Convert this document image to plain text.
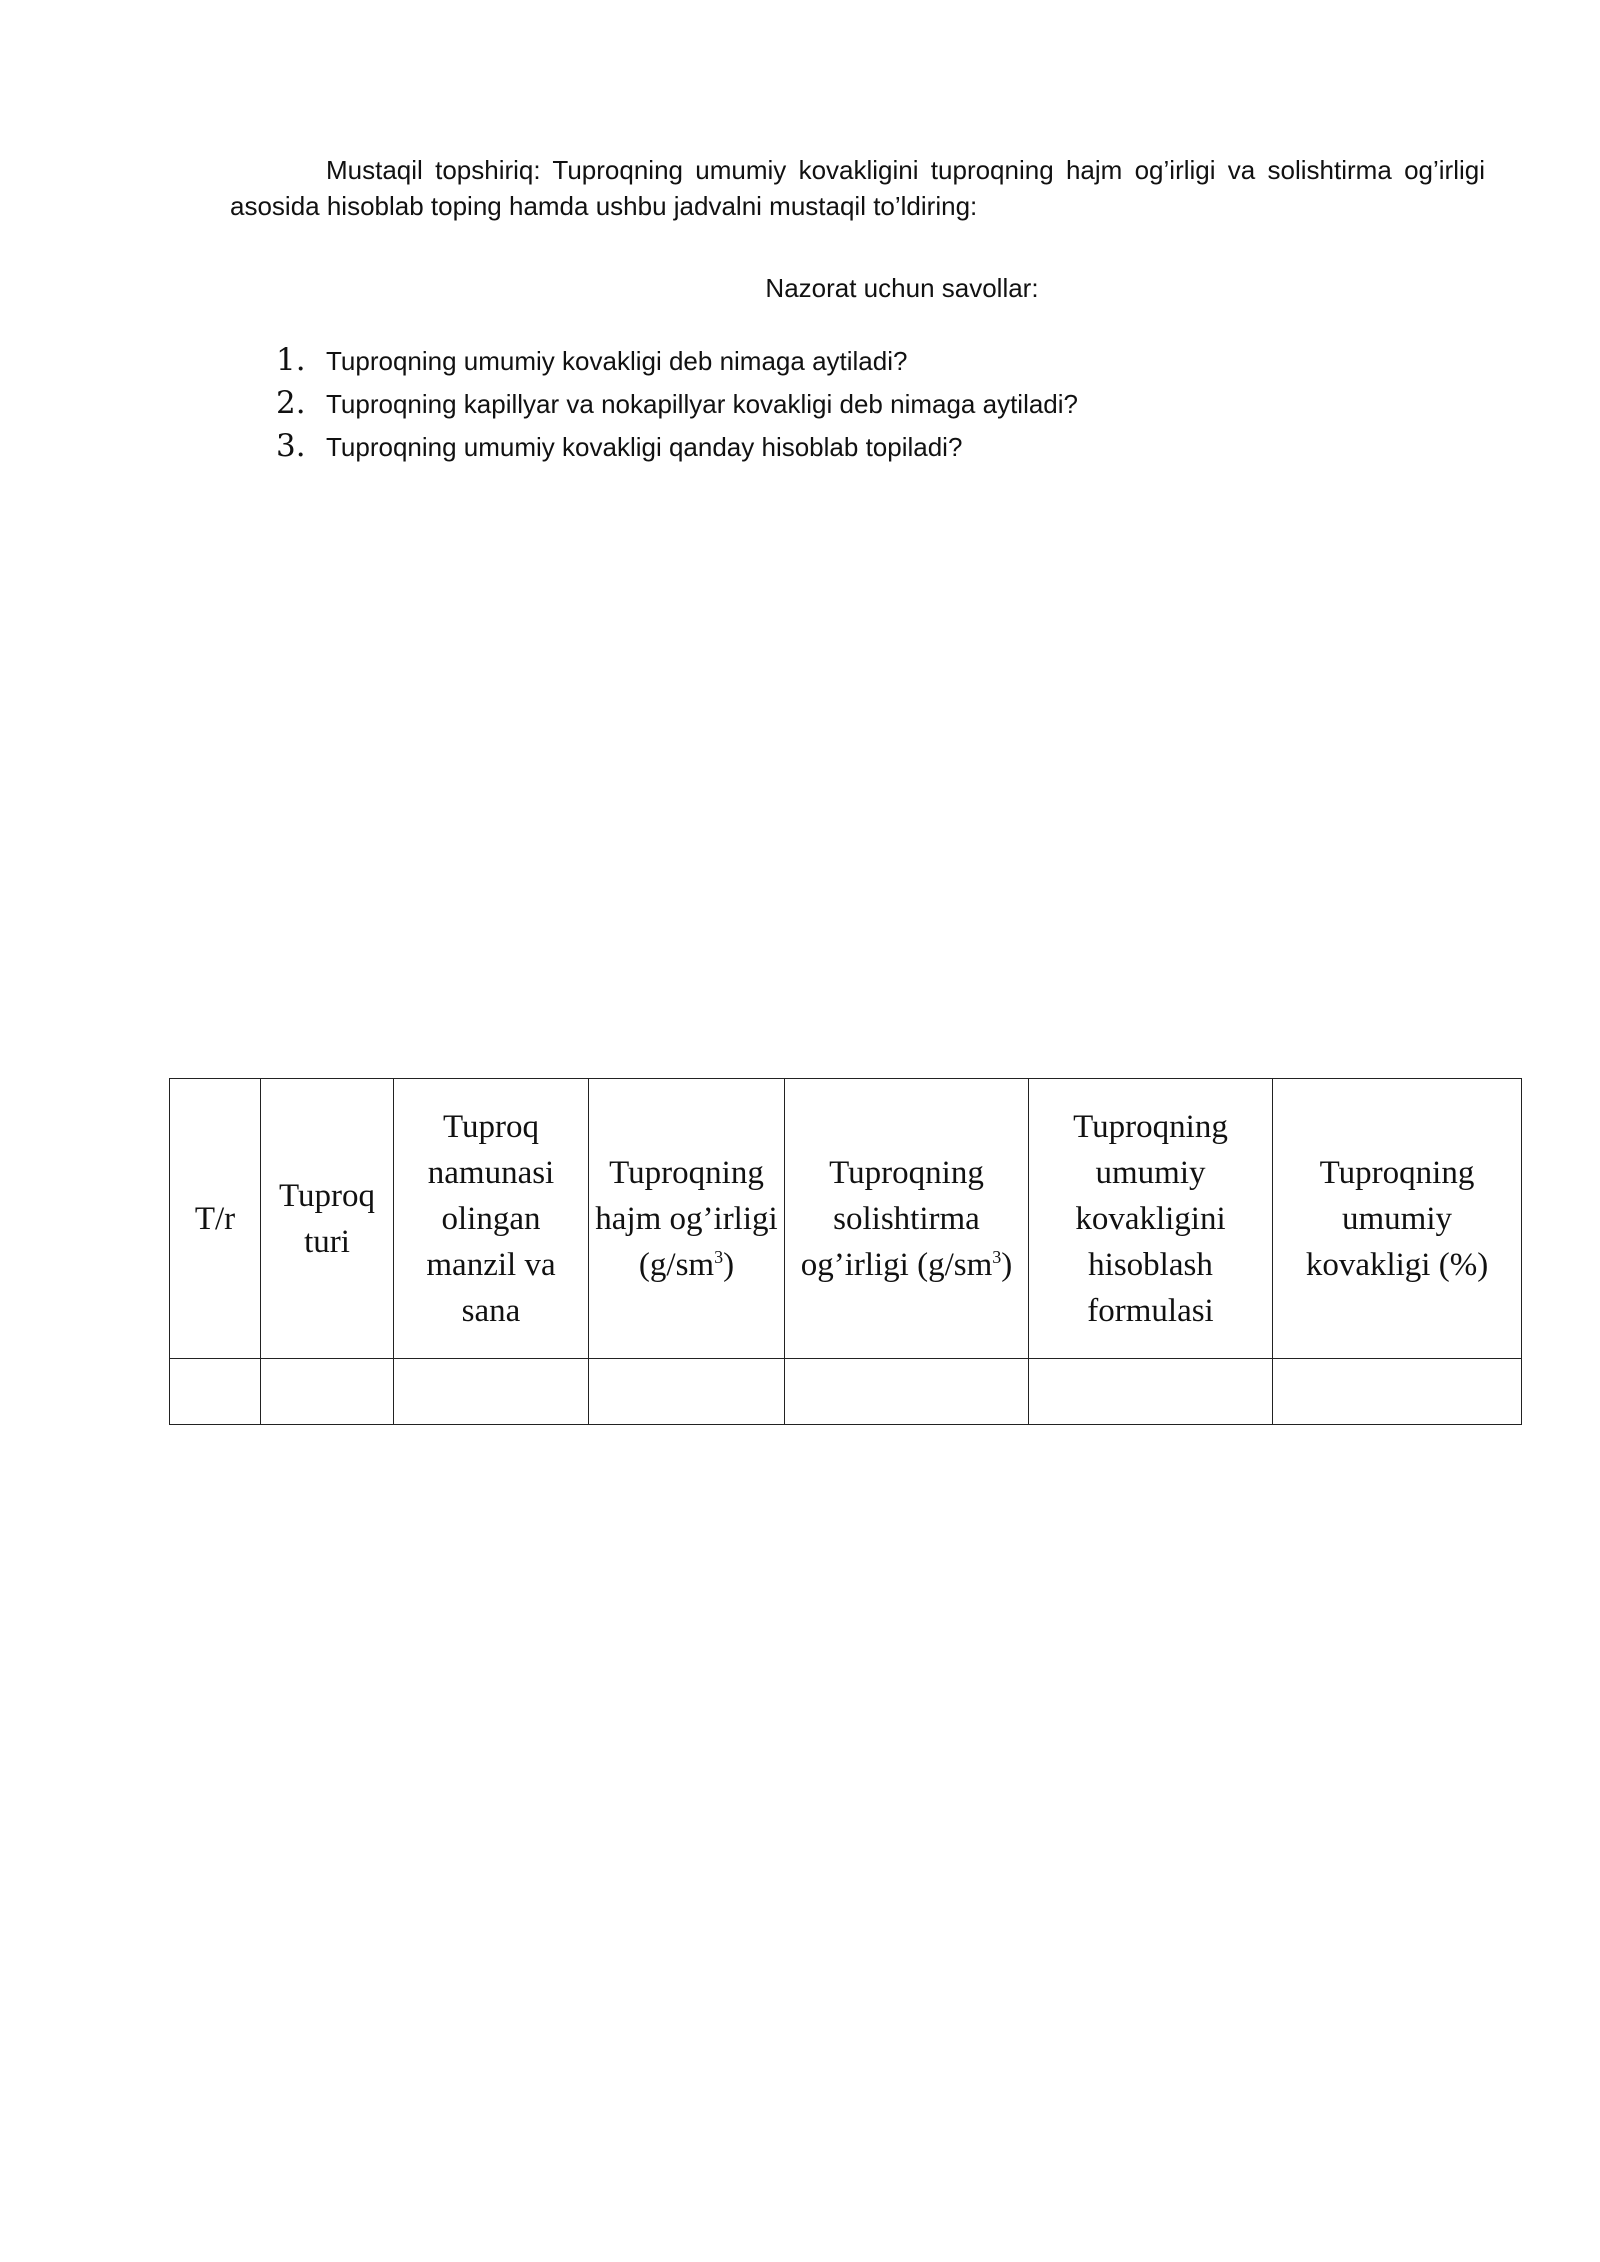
Mustaqil topshiriq: Tuproqning umumiy kovakligini tuproqning hajm og’irligi va solishtirma og’irligi asosida hisoblab toping hamda ushbu jadvalni mustaqil to’ldiring:

Nazorat uchun savollar:

1. Tuproqning umumiy kovakligi deb nimaga aytiladi?
2. Tuproqning kapillyar va nokapillyar kovakligi deb nimaga aytiladi?
3. Tuproqning umumiy kovakligi qanday hisoblab topiladi?
T/r	Tuproq turi	Tuproq namunasi olingan manzil va sana	Tuproqning hajm og’irligi $(g/sm^3)$	Tuproqning solishtirma og’irligi $(g/sm^3)$	Tuproqning umumiy kovakligini hisoblash formulasi	Tuproqning umumiy kovakligi (%)
